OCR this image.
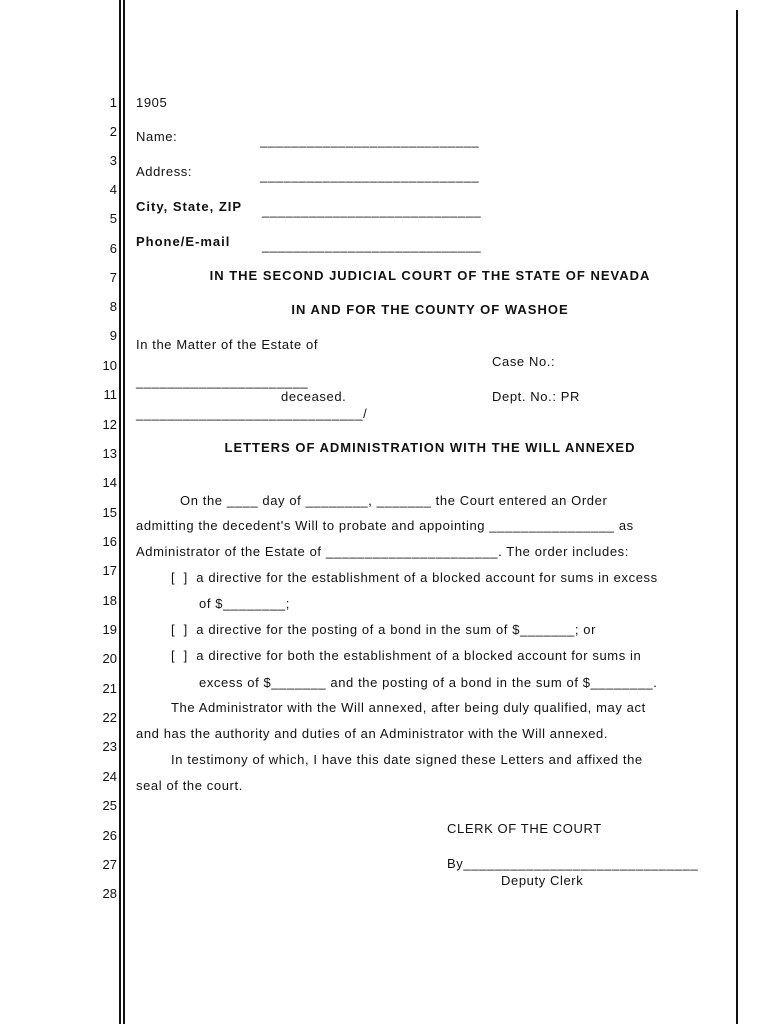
1
2
3
4
5
6
7
8
9
10
11
12
13
14
15
16
17
18
19
20
21
22
23
24
25
26
27
28
1905
Name:	____________________________
Address:	____________________________
City, State, ZIP ____________________________
Phone/E-mail ____________________________
IN THE SECOND JUDICIAL COURT OF THE STATE OF NEVADA
IN AND FOR THE COUNTY OF WASHOE
In the Matter of the Estate of
______________________
deceased.
_____________________________/
Case No.:
Dept. No.: PR
LETTERS OF ADMINISTRATION WITH THE WILL ANNEXED
On the ____ day of ________, _______ the Court entered an Order
admitting the decedent's Will to probate and appointing ________________ as
Administrator of the Estate of ______________________. The order includes:
[  ]  a directive for the establishment of a blocked account for sums in excess
of $________;
[  ]  a directive for the posting of a bond in the sum of $_______; or
[  ]  a directive for both the establishment of a blocked account for sums in
excess of $_______ and the posting of a bond in the sum of $________.
The Administrator with the Will annexed, after being duly qualified, may act
and has the authority and duties of an Administrator with the Will annexed.
In testimony of which, I have this date signed these Letters and affixed the
seal of the court.
CLERK OF THE COURT
By______________________________
Deputy Clerk
